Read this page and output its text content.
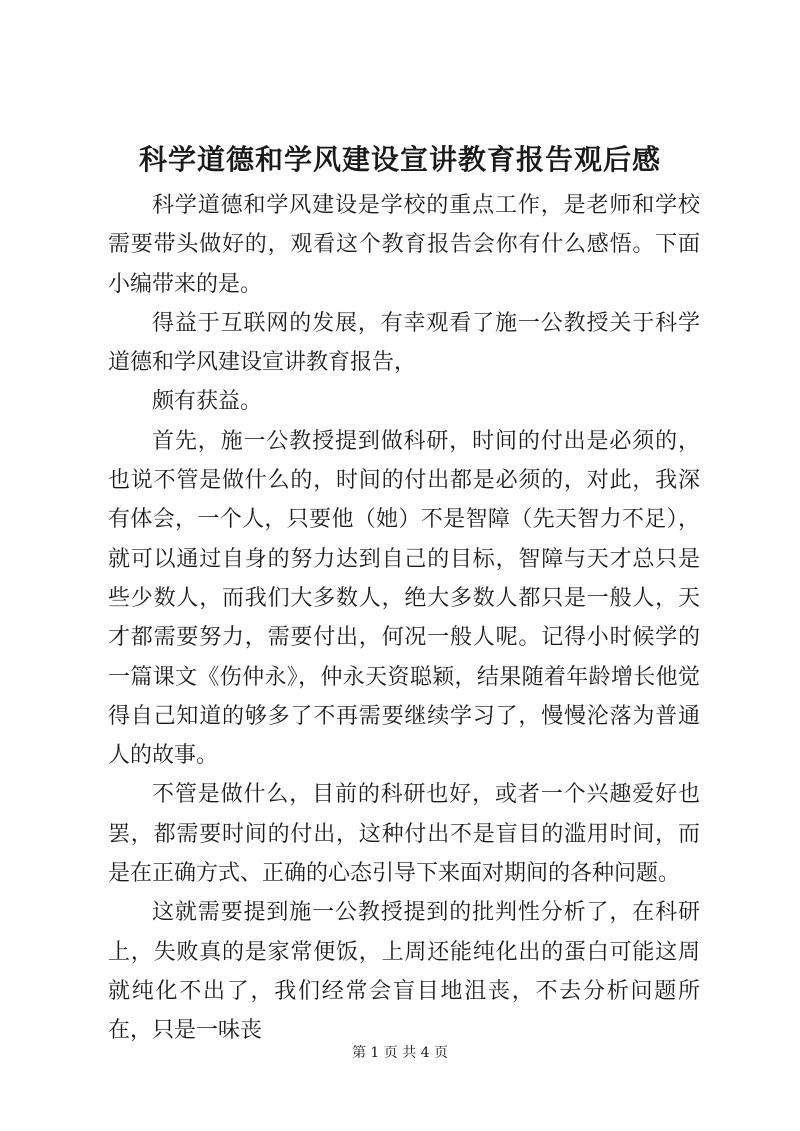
科学道德和学风建设宣讲教育报告观后感

科学道德和学风建设是学校的重点工作，是老师和学校需要带头做好的，观看这个教育报告会你有什么感悟。下面小编带来的是。

得益于互联网的发展，有幸观看了施一公教授关于科学道德和学风建设宣讲教育报告，

颇有获益。

首先，施一公教授提到做科研，时间的付出是必须的，也说不管是做什么的，时间的付出都是必须的，对此，我深有体会，一个人，只要他（她）不是智障（先天智力不足），就可以通过自身的努力达到自己的目标，智障与天才总只是些少数人，而我们大多数人，绝大多数人都只是一般人，天才都需要努力，需要付出，何况一般人呢。记得小时候学的一篇课文《伤仲永》，仲永天资聪颖，结果随着年龄增长他觉得自己知道的够多了不再需要继续学习了，慢慢沦落为普通人的故事。

不管是做什么，目前的科研也好，或者一个兴趣爱好也罢，都需要时间的付出，这种付出不是盲目的滥用时间，而是在正确方式、正确的心态引导下来面对期间的各种问题。

这就需要提到施一公教授提到的批判性分析了，在科研上，失败真的是家常便饭，上周还能纯化出的蛋白可能这周就纯化不出了，我们经常会盲目地沮丧，不去分析问题所在，只是一味丧

第 1 页 共 4 页
